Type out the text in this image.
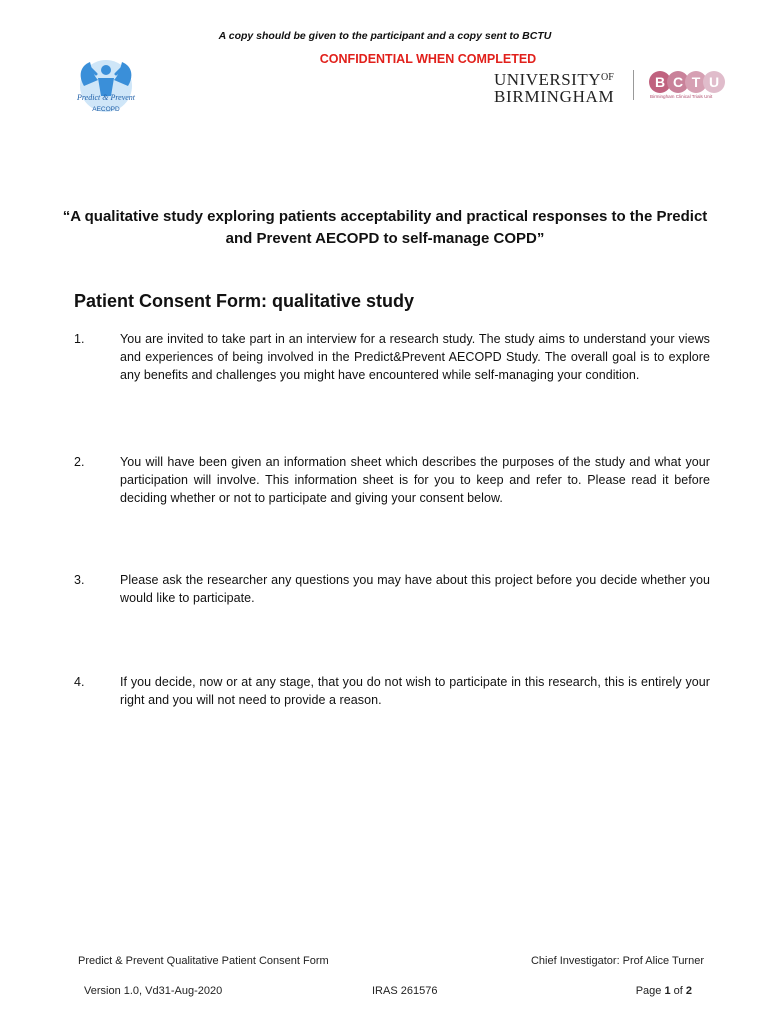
A copy should be given to the participant and a copy sent to BCTU
CONFIDENTIAL WHEN COMPLETED
Predict & Prevent
AECOPD
$UNIVERSITY^{OF}$
BIRMINGHAM
B C T U
Birmingham Clinical Trials Unit
“A qualitative study exploring patients acceptability and practical responses to the Predict and Prevent AECOPD to self-manage COPD”
Patient Consent Form: qualitative study
1.	You are invited to take part in an interview for a research study. The study aims to understand your views and experiences of being involved in the Predict&Prevent AECOPD Study. The overall goal is to explore any benefits and challenges you might have encountered while self-managing your condition.
2.	You will have been given an information sheet which describes the purposes of the study and what your participation will involve. This information sheet is for you to keep and refer to. Please read it before deciding whether or not to participate and giving your consent below.
3.	Please ask the researcher any questions you may have about this project before you decide whether you would like to participate.
4.	If you decide, now or at any stage, that you do not wish to participate in this research, this is entirely your right and you will not need to provide a reason.
Predict & Prevent Qualitative Patient Consent Form	Chief Investigator: Prof Alice Turner
Version 1.0, Vd31-Aug-2020	IRAS 261576	Page 1 of 2
